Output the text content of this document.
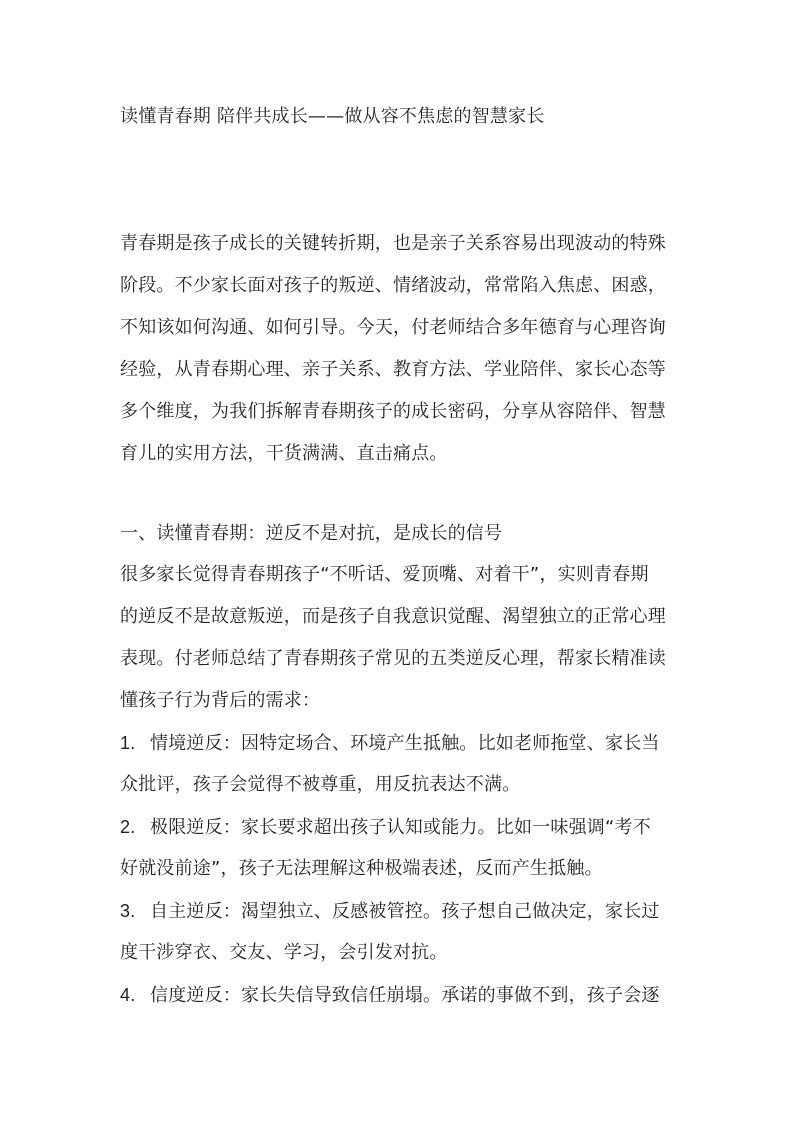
读懂青春期 陪伴共成长——做从容不焦虑的智慧家长
青春期是孩子成长的关键转折期，也是亲子关系容易出现波动的特殊
阶段。不少家长面对孩子的叛逆、情绪波动，常常陷入焦虑、困惑，
不知该如何沟通、如何引导。今天，付老师结合多年德育与心理咨询
经验，从青春期心理、亲子关系、教育方法、学业陪伴、家长心态等
多个维度，为我们拆解青春期孩子的成长密码，分享从容陪伴、智慧
育儿的实用方法，干货满满、直击痛点。
一、读懂青春期：逆反不是对抗，是成长的信号
很多家长觉得青春期孩子“不听话、爱顶嘴、对着干”，实则青春期
的逆反不是故意叛逆，而是孩子自我意识觉醒、渴望独立的正常心理
表现。付老师总结了青春期孩子常见的五类逆反心理，帮家长精准读
懂孩子行为背后的需求：
1. 情境逆反：因特定场合、环境产生抵触。比如老师拖堂、家长当
众批评，孩子会觉得不被尊重，用反抗表达不满。
2. 极限逆反：家长要求超出孩子认知或能力。比如一味强调“考不
好就没前途”，孩子无法理解这种极端表述，反而产生抵触。
3. 自主逆反：渴望独立、反感被管控。孩子想自己做决定，家长过
度干涉穿衣、交友、学习，会引发对抗。
4. 信度逆反：家长失信导致信任崩塌。承诺的事做不到，孩子会逐
